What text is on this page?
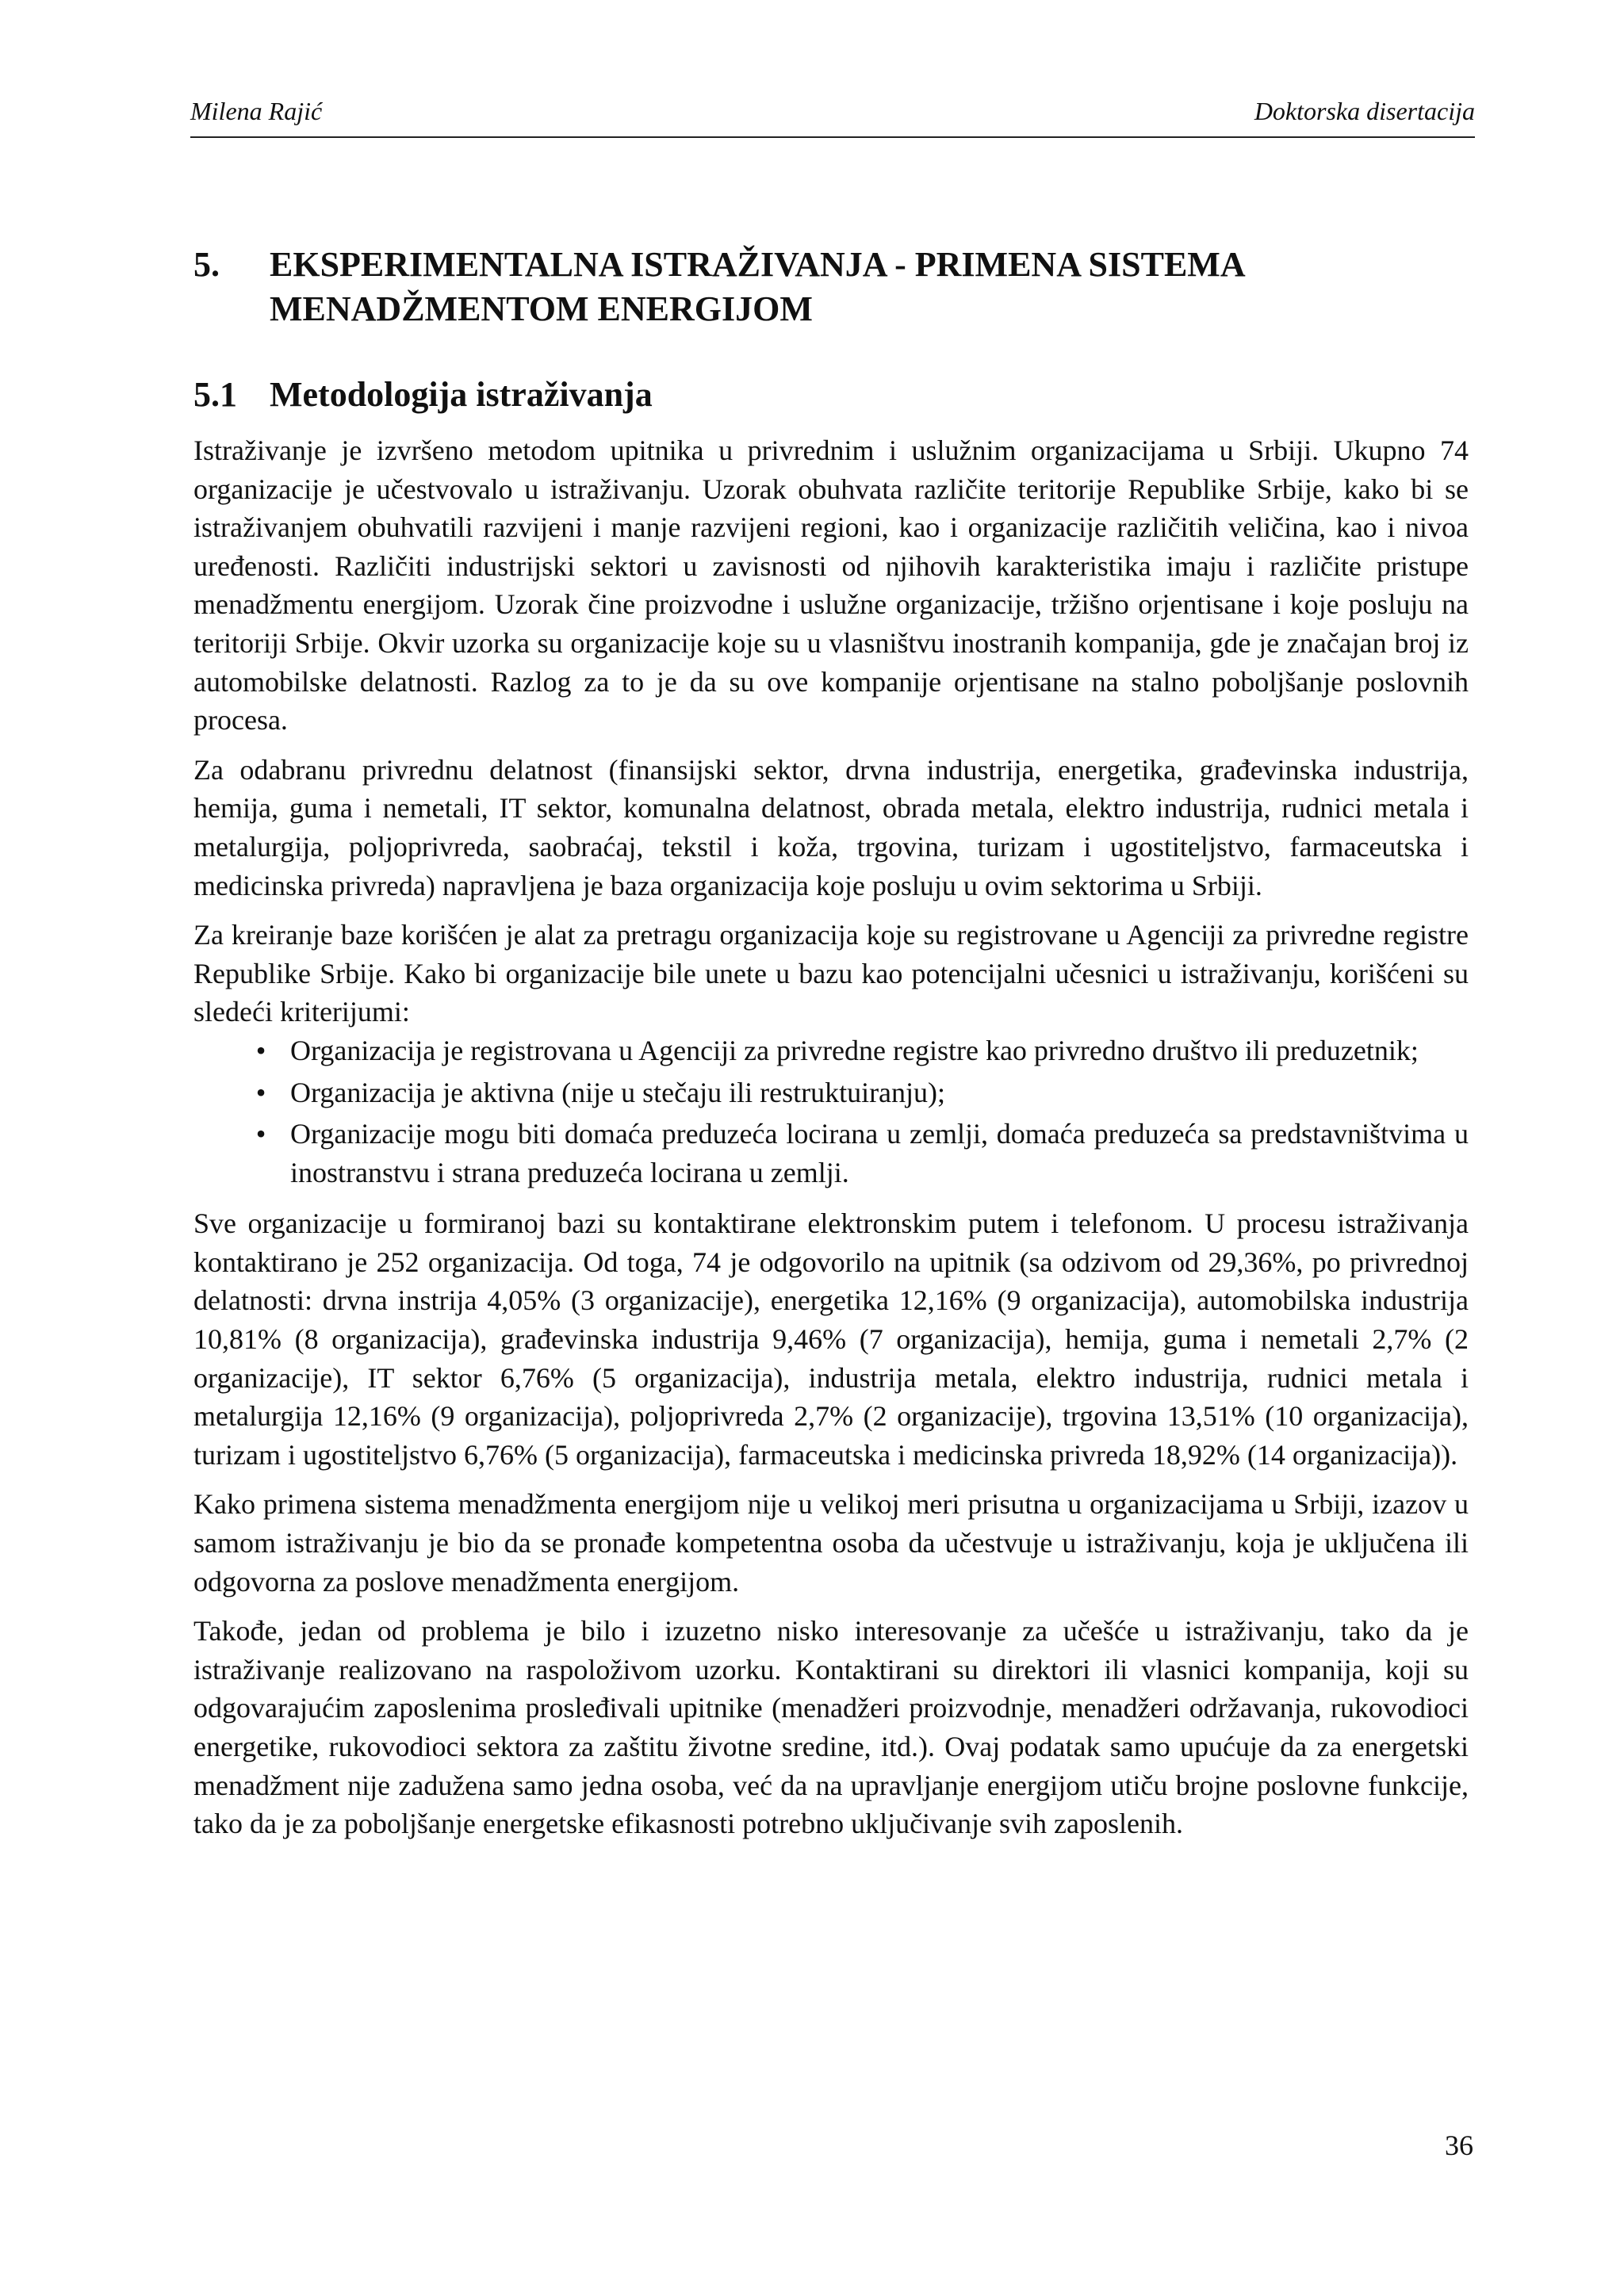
Milena Rajić	Doktorska disertacija
5.	EKSPERIMENTALNA ISTRAŽIVANJA - PRIMENA SISTEMA MENADŽMENTOM ENERGIJOM
5.1 Metodologija istraživanja

Istraživanje je izvršeno metodom upitnika u privrednim i uslužnim organizacijama u Srbiji. Ukupno 74 organizacije je učestvovalo u istraživanju. Uzorak obuhvata različite teritorije Republike Srbije, kako bi se istraživanjem obuhvatili razvijeni i manje razvijeni regioni, kao i organizacije različitih veličina, kao i nivoa uređenosti. Različiti industrijski sektori u zavisnosti od njihovih karakteristika imaju i različite pristupe menadžmentu energijom. Uzorak čine proizvodne i uslužne organizacije, tržišno orjentisane i koje posluju na teritoriji Srbije. Okvir uzorka su organizacije koje su u vlasništvu inostranih kompanija, gde je značajan broj iz automobilske delatnosti. Razlog za to je da su ove kompanije orjentisane na stalno poboljšanje poslovnih procesa.

Za odabranu privrednu delatnost (finansijski sektor, drvna industrija, energetika, građevinska industrija, hemija, guma i nemetali, IT sektor, komunalna delatnost, obrada metala, elektro industrija, rudnici metala i metalurgija, poljoprivreda, saobraćaj, tekstil i koža, trgovina, turizam i ugostiteljstvo, farmaceutska i medicinska privreda) napravljena je baza organizacija koje posluju u ovim sektorima u Srbiji.

Za kreiranje baze korišćen je alat za pretragu organizacija koje su registrovane u Agenciji za privredne registre Republike Srbije. Kako bi organizacije bile unete u bazu kao potencijalni učesnici u istraživanju, korišćeni su sledeći kriterijumi:

• Organizacija je registrovana u Agenciji za privredne registre kao privredno društvo ili preduzetnik;
• Organizacija je aktivna (nije u stečaju ili restruktuiranju);
• Organizacije mogu biti domaća preduzeća locirana u zemlji, domaća preduzeća sa predstavništvima u inostranstvu i strana preduzeća locirana u zemlji.

Sve organizacije u formiranoj bazi su kontaktirane elektronskim putem i telefonom. U procesu istraživanja kontaktirano je 252 organizacija. Od toga, 74 je odgovorilo na upitnik (sa odzivom od 29,36%, po privrednoj delatnosti: drvna instrija 4,05% (3 organizacije), energetika 12,16% (9 organizacija), automobilska industrija 10,81% (8 organizacija), građevinska industrija 9,46% (7 organizacija), hemija, guma i nemetali 2,7% (2 organizacije), IT sektor 6,76% (5 organizacija), industrija metala, elektro industrija, rudnici metala i metalurgija 12,16% (9 organizacija), poljoprivreda 2,7% (2 organizacije), trgovina 13,51% (10 organizacija), turizam i ugostiteljstvo 6,76% (5 organizacija), farmaceutska i medicinska privreda 18,92% (14 organizacija)).

Kako primena sistema menadžmenta energijom nije u velikoj meri prisutna u organizacijama u Srbiji, izazov u samom istraživanju je bio da se pronađe kompetentna osoba da učestvuje u istraživanju, koja je uključena ili odgovorna za poslove menadžmenta energijom.

Takođe, jedan od problema je bilo i izuzetno nisko interesovanje za učešće u istraživanju, tako da je istraživanje realizovano na raspoloživom uzorku. Kontaktirani su direktori ili vlasnici kompanija, koji su odgovarajućim zaposlenima prosleđivali upitnike (menadžeri proizvodnje, menadžeri održavanja, rukovodioci energetike, rukovodioci sektora za zaštitu životne sredine, itd.). Ovaj podatak samo upućuje da za energetski menadžment nije zadužena samo jedna osoba, već da na upravljanje energijom utiču brojne poslovne funkcije, tako da je za poboljšanje energetske efikasnosti potrebno uključivanje svih zaposlenih.

36
